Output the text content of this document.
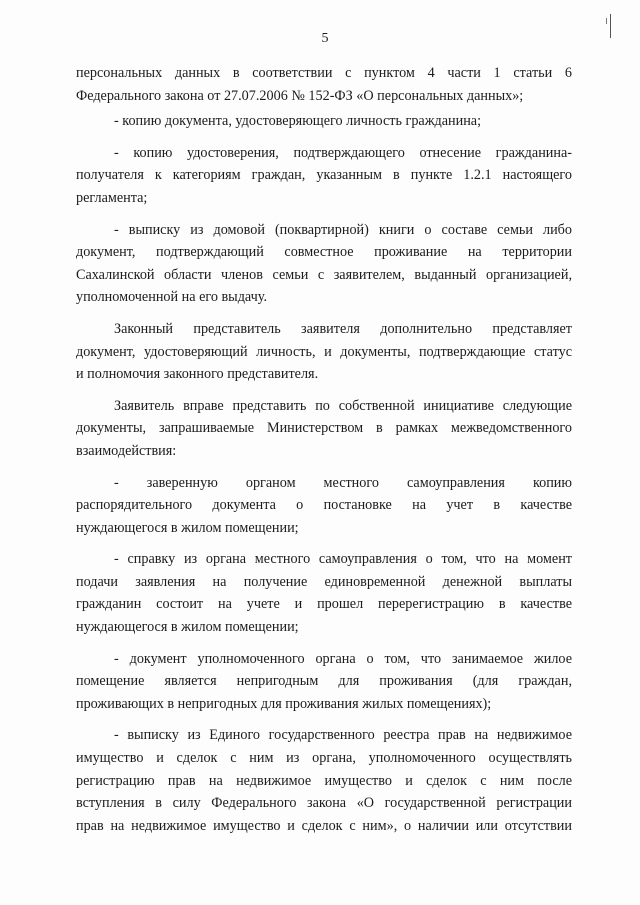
5
персональных данных в соответствии с пунктом 4 части 1 статьи 6
Федерального закона от 27.07.2006 № 152-ФЗ «О персональных данных»;
- копию документа, удостоверяющего личность гражданина;
- копию удостоверения, подтверждающего отнесение гражданина-
получателя к категориям граждан, указанным в пункте 1.2.1 настоящего
регламента;
- выписку из домовой (поквартирной) книги о составе семьи либо
документ, подтверждающий совместное проживание на территории
Сахалинской области членов семьи с заявителем, выданный организацией,
уполномоченной на его выдачу.
Законный представитель заявителя дополнительно представляет
документ, удостоверяющий личность, и документы, подтверждающие статус
и полномочия законного представителя.
Заявитель вправе представить по собственной инициативе следующие
документы, запрашиваемые Министерством в рамках межведомственного
взаимодействия:
- заверенную органом местного самоуправления копию
распорядительного документа о постановке на учет в качестве
нуждающегося в жилом помещении;
- справку из органа местного самоуправления о том, что на момент
подачи заявления на получение единовременной денежной выплаты
гражданин состоит на учете и прошел перерегистрацию в качестве
нуждающегося в жилом помещении;
- документ уполномоченного органа о том, что занимаемое жилое
помещение является непригодным для проживания (для граждан,
проживающих в непригодных для проживания жилых помещениях);
- выписку из Единого государственного реестра прав на недвижимое
имущество и сделок с ним из органа, уполномоченного осуществлять
регистрацию прав на недвижимое имущество и сделок с ним после
вступления в силу Федерального закона «О государственной регистрации
прав на недвижимое имущество и сделок с ним», о наличии или отсутствии
